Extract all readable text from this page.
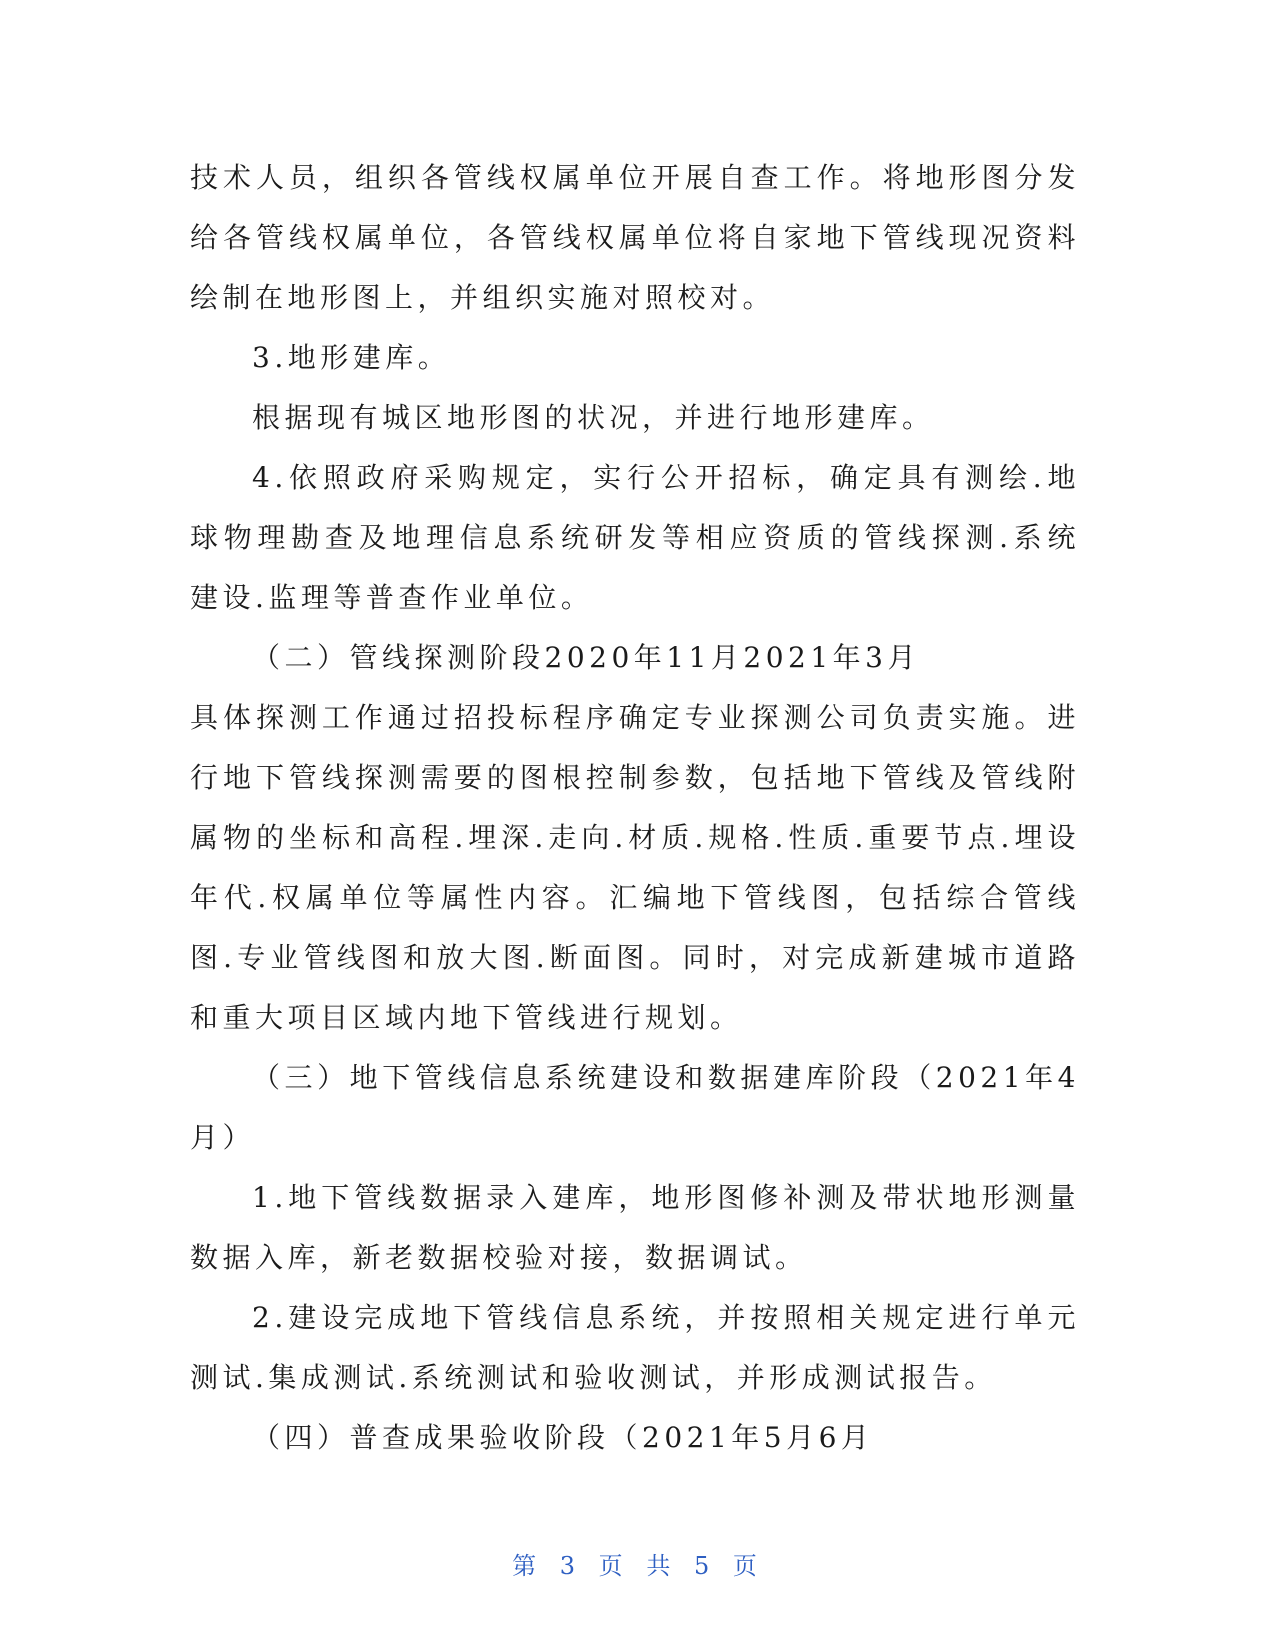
技术人员，组织各管线权属单位开展自查工作。将地形图分发给各管线权属单位，各管线权属单位将自家地下管线现况资料绘制在地形图上，并组织实施对照校对。

3.地形建库。

根据现有城区地形图的状况，并进行地形建库。

4.依照政府采购规定，实行公开招标，确定具有测绘.地球物理勘查及地理信息系统研发等相应资质的管线探测.系统建设.监理等普查作业单位。

（二）管线探测阶段2020年11月2021年3月

具体探测工作通过招投标程序确定专业探测公司负责实施。进行地下管线探测需要的图根控制参数，包括地下管线及管线附属物的坐标和高程.埋深.走向.材质.规格.性质.重要节点.埋设年代.权属单位等属性内容。汇编地下管线图，包括综合管线图.专业管线图和放大图.断面图。同时，对完成新建城市道路和重大项目区域内地下管线进行规划。

（三）地下管线信息系统建设和数据建库阶段（2021年4月）

1.地下管线数据录入建库，地形图修补测及带状地形测量数据入库，新老数据校验对接，数据调试。

2.建设完成地下管线信息系统，并按照相关规定进行单元测试.集成测试.系统测试和验收测试，并形成测试报告。

（四）普查成果验收阶段（2021年5月6月

第 3 页 共 5 页
